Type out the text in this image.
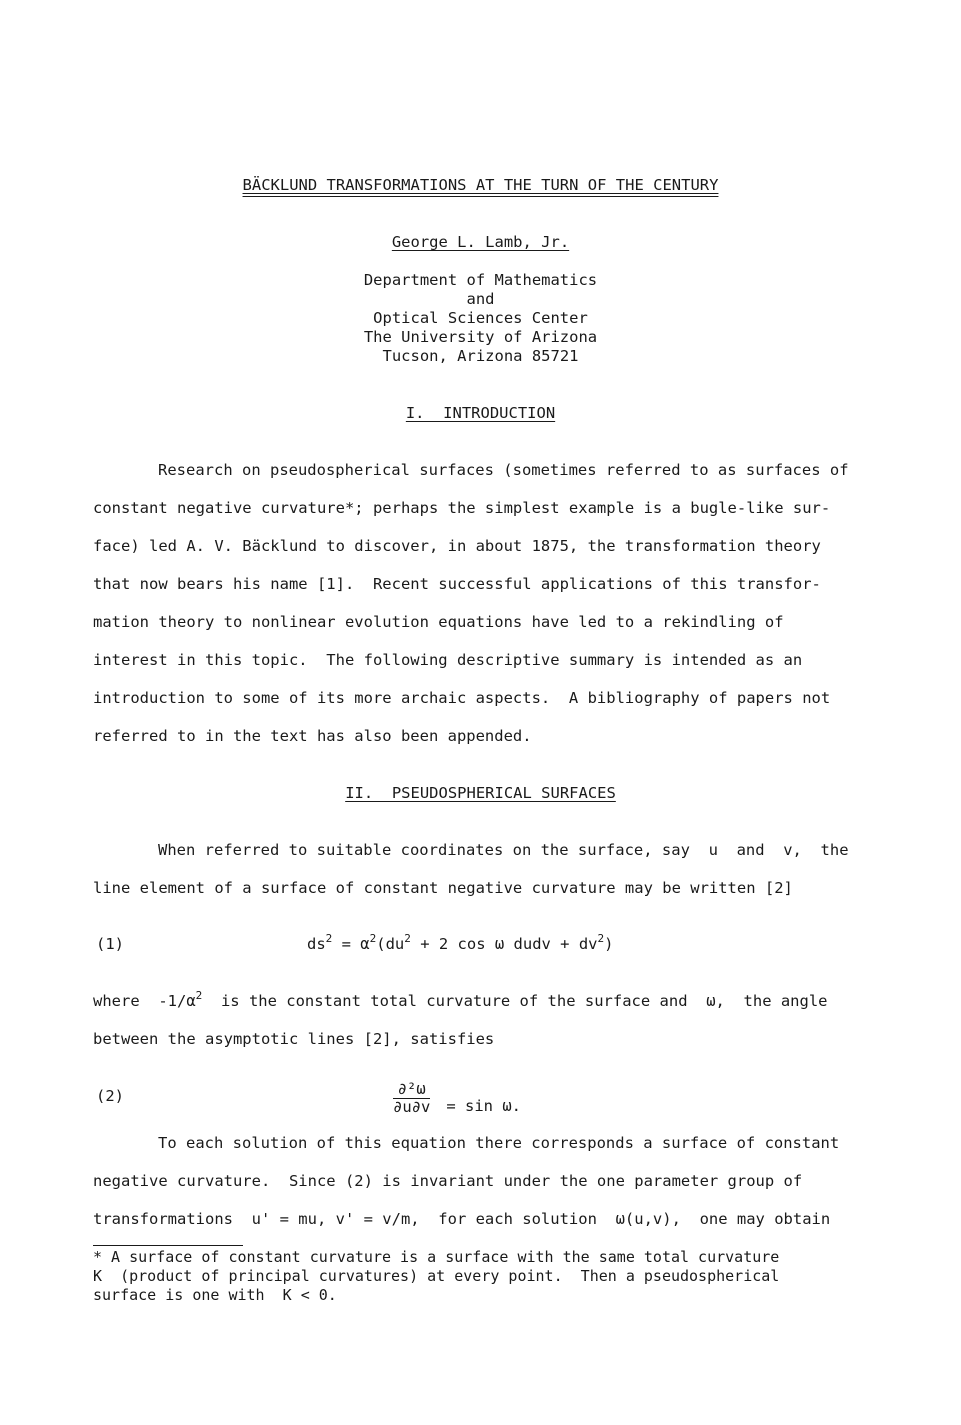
BÄCKLUND TRANSFORMATIONS AT THE TURN OF THE CENTURY
George L. Lamb, Jr.
Department of Mathematics
and
Optical Sciences Center
The University of Arizona
Tucson, Arizona 85721
I.  INTRODUCTION
Research on pseudospherical surfaces (sometimes referred to as surfaces of
constant negative curvature*; perhaps the simplest example is a bugle-like sur-
face) led A. V. Bäcklund to discover, in about 1875, the transformation theory
that now bears his name [1].  Recent successful applications of this transfor-
mation theory to nonlinear evolution equations have led to a rekindling of
interest in this topic.  The following descriptive summary is intended as an
introduction to some of its more archaic aspects.  A bibliography of papers not
referred to in the text has also been appended.
II.  PSEUDOSPHERICAL SURFACES
When referred to suitable coordinates on the surface, say  u  and  v,  the
line element of a surface of constant negative curvature may be written [2]
(1)	$ds^2 = \alpha^2(du^2 + 2$ cos ω dudv + $dv^2$)
where  $-1/\alpha^2$  is the constant total curvature of the surface and  ω,  the angle
between the asymptotic lines [2], satisfies
(2)	$\frac{\text{∂²ω}}{\partial u\partial v} = \sin \omega$.
To each solution of this equation there corresponds a surface of constant
negative curvature.  Since (2) is invariant under the one parameter group of
transformations  u' = mu, v' = v/m,  for each solution  ω(u,v),  one may obtain
* A surface of constant curvature is a surface with the same total curvature
K  (product of principal curvatures) at every point.  Then a pseudospherical
surface is one with  K < 0.
